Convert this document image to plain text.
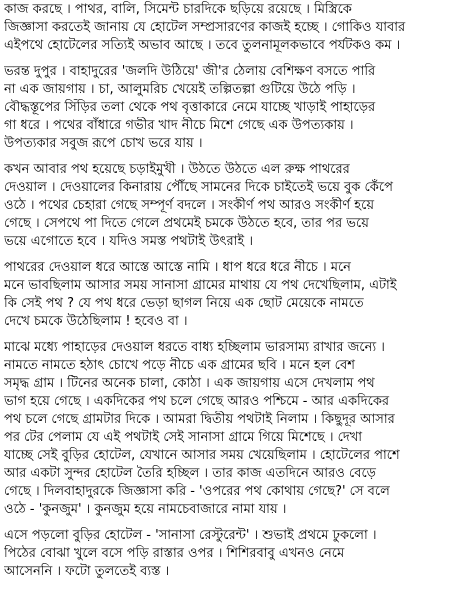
কাজ করছে । পাথর, বালি, সিমেন্ট চারদিকে ছড়িয়ে রয়েছে । মিস্ত্রিকে
জিজ্ঞাসা করতেই জানায় যে হোটেল সম্প্রসারণের কাজই হচ্ছে । গোকিও যাবার
এইপথে হোটেলের সত্যিই অভাব আছে । তবে তুলনামূলকভাবে পর্যটকও কম ।
ভরন্ত দুপুর । বাহাদুরের 'জলদি উঠিয়ে' জী'র ঠেলায় বেশিক্ষণ বসতে পারি
না এক জায়গায় । চা, আলুমরিচ খেয়েই তল্পিতল্পা গুটিয়ে উঠে পড়ি ।
বৌদ্ধস্তূপের সিঁড়ির তলা থেকে পথ বৃত্তাকারে নেমে যাচ্ছে খাড়াই পাহাড়ের
গা ধরে । পথের বাঁধারে গভীর খাদ নীচে মিশে গেছে এক উপত্যকায় ।
উপত্যকার সবুজ রূপে চোখ ভরে যায় ।
কখন আবার পথ হয়েছে চড়াইমুখী । উঠতে উঠতে এল রুক্ষ পাথরের
দেওয়াল । দেওয়ালের কিনারায় পৌঁছে সামনের দিকে চাইতেই ভয়ে বুক কেঁপে
ওঠে । পথের চেহারা গেছে সম্পূর্ণ বদলে । সংকীর্ণ পথ আরও সংকীর্ণ হয়ে
গেছে । সেপথে পা দিতে গেলে প্রথমেই চমকে উঠতে হবে, তার পর ভয়ে
ভয়ে এগোতে হবে । যদিও সমস্ত পথটাই উৎরাই ।
পাথরের দেওয়াল ধরে আস্তে আস্তে নামি । ধাপ ধরে ধরে নীচে । মনে
মনে ভাবছিলাম আসার সময় সানাসা গ্রামের মাথায় যে পথ দেখেছিলাম, এটাই
কি সেই পথ ? যে পথ ধরে ভেড়া ছাগল নিয়ে এক ছোট মেয়েকে নামতে
দেখে চমকে উঠেছিলাম ! হবেও বা ।
মাঝে মধ্যে পাহাড়ের দেওয়াল ধরতে বাধ্য হচ্ছিলাম ভারসাম্য রাখার জন্যে ।
নামতে নামতে হঠাৎ চোখে পড়ে নীচে এক গ্রামের ছবি । মনে হল বেশ
সমৃদ্ধ গ্রাম । টিনের অনেক চালা, কোঠা । এক জায়গায় এসে দেখলাম পথ
ভাগ হয়ে গেছে । একদিকের পথ চলে গেছে আরও পশ্চিমে - আর একদিকের
পথ চলে গেছে গ্রামটার দিকে । আমরা দ্বিতীয় পথটাই নিলাম । কিছুদূর আসার
পর টের পেলাম যে এই পথটাই সেই সানাসা গ্রামে গিয়ে মিশেছে । দেখা
যাচ্ছে সেই বুড়ির হোটেল, যেখানে আসার সময় খেয়েছিলাম । হোটেলের পাশে
আর একটা সুন্দর হোটেল তৈরি হচ্ছিল । তার কাজ এতদিনে আরও বেড়ে
গেছে । দিলবাহাদুরকে জিজ্ঞাসা করি - 'ওপরের পথ কোথায় গেছে?' সে বলে
ওঠে - 'কুনজুম' । কুনজুম হয়ে নামচেবাজারে নামা যায় ।
এসে পড়লো বুড়ির হোটেল - 'সানাসা রেস্টুরেন্ট' । শুভাই প্রথমে ঢুকলো ।
পিঠের বোঝা খুলে বসে পড়ি রাস্তার ওপর । শিশিরবাবু এখনও নেমে
আসেননি । ফটো তুলতেই ব্যস্ত ।
